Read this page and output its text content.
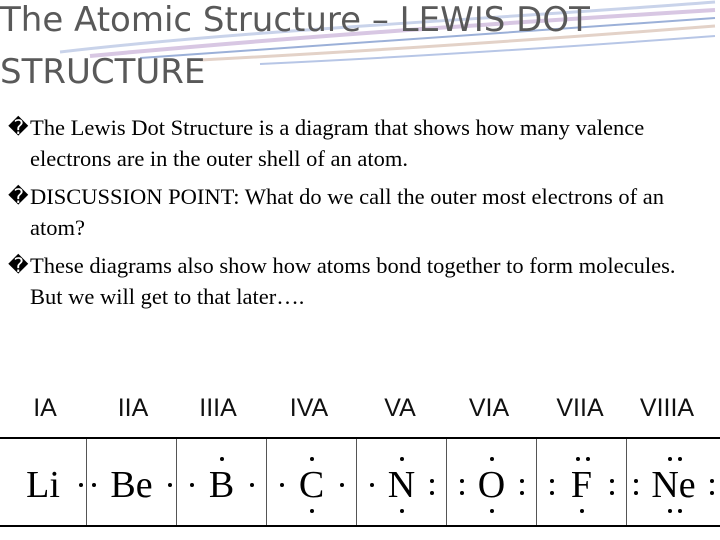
The Atomic Structure – LEWIS DOT STRUCTURE
� The Lewis Dot Structure is a diagram that shows how many valence electrons are in the outer shell of an atom.
� DISCUSSION POINT: What do we call the outer most electrons of an atom?
� These diagrams also show how atoms bond together to form molecules. But we will get to that later….
IA IIA IIIA IVA VA VIA VIIA VIIIA
Li	Be	B	C	N	O	F	Ne
